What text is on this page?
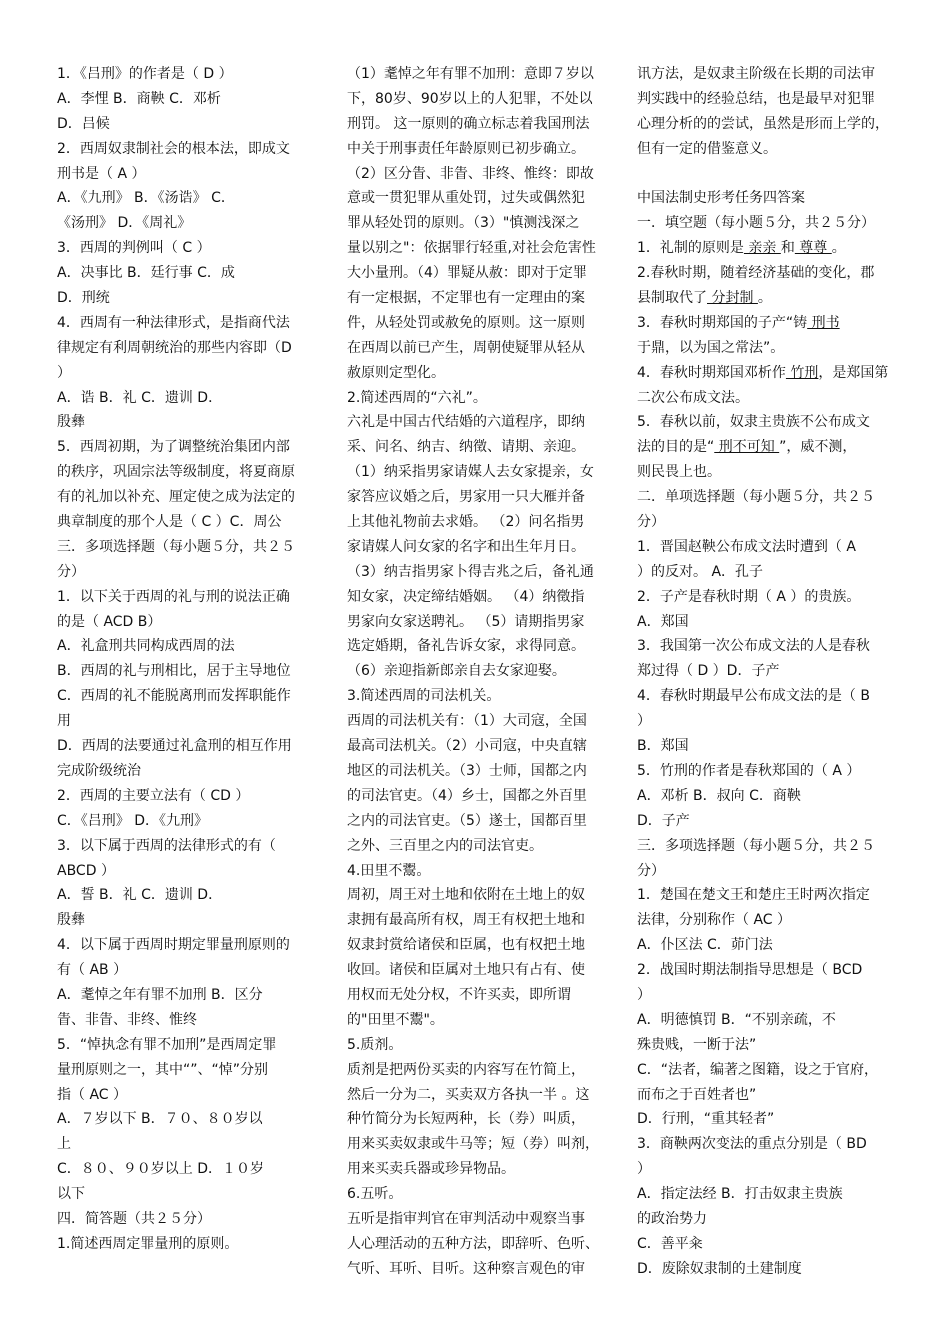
1．《吕刑》的作者是（ D ）
A．李悝 B．商鞅 C．邓析
D．吕候
2．西周奴隶制社会的根本法，即成文
刑书是（ A ）
A．《九刑》 B．《汤诰》 C．
《汤刑》 D．《周礼》
3．西周的判例叫（ C ）
A．决事比 B．廷行事 C．成
D．刑统
4．西周有一种法律形式，是指商代法
律规定有利周朝统治的那些内容即（D
）
A．诰 B．礼 C．遗训 D．
殷彝
5．西周初期，为了调整统治集团内部
的秩序，巩固宗法等级制度，将夏商原
有的礼加以补充、厘定使之成为法定的
典章制度的那个人是（ C ）C．周公
三．多项选择题（每小题５分，共２５
分）
1．以下关于西周的礼与刑的说法正确
的是（ ACD B）
A．礼盒刑共同构成西周的法
B．西周的礼与刑相比，居于主导地位
C．西周的礼不能脱离刑而发挥职能作
用
D．西周的法要通过礼盒刑的相互作用
完成阶级统治
2．西周的主要立法有（ CD ）
C．《吕刑》 D．《九刑》
3．以下属于西周的法律形式的有（
ABCD ）
A．誓 B．礼 C．遗训 D．
殷彝
4．以下属于西周时期定罪量刑原则的
有（ AB ）
A．耄悼之年有罪不加刑 B．区分
眚、非眚、非终、惟终
5．“悼执念有罪不加刑”是西周定罪
量刑原则之一，其中“”、“悼”分别
指（ AC ）
A．７岁以下 B．７０、８０岁以
上
C．８０、９０岁以上 D．１０岁
以下
四．简答题（共２５分）
1.简述西周定罪量刑的原则。
（1）耄悼之年有罪不加刑：意即７岁以
下，80岁、90岁以上的人犯罪，不处以
刑罚。 这一原则的确立标志着我国刑法
中关于刑事责任年龄原则已初步确立。
（2）区分眚、非眚、非终、惟终：即故
意或一贯犯罪从重处罚，过失或偶然犯
罪从轻处罚的原则。（3）"慎测浅深之
量以别之"：依据罪行轻重,对社会危害性
大小量刑。（4）罪疑从赦：即对于定罪
有一定根据，不定罪也有一定理由的案
件，从轻处罚或赦免的原则。这一原则
在西周以前已产生，周朝使疑罪从轻从
赦原则定型化。
2.简述西周的“六礼”。
六礼是中国古代结婚的六道程序，即纳
采、问名、纳吉、纳徵、请期、亲迎。
（1）纳采指男家请媒人去女家提亲，女
家答应议婚之后，男家用一只大雁并备
上其他礼物前去求婚。 （2）问名指男
家请媒人问女家的名字和出生年月日。
（3）纳吉指男家卜得吉兆之后，备礼通
知女家，决定缔结婚姻。 （4）纳徵指
男家向女家送聘礼。 （5）请期指男家
选定婚期，备礼告诉女家，求得同意。
（6）亲迎指新郎亲自去女家迎娶。
3.简述西周的司法机关。
西周的司法机关有：（1）大司寇，全国
最高司法机关。（2）小司寇，中央直辖
地区的司法机关。（3）士师，国都之内
的司法官吏。（4）乡士，国都之外百里
之内的司法官吏。（5）遂士，国都百里
之外、三百里之内的司法官吏。
4.田里不鬻。
周初，周王对土地和依附在土地上的奴
隶拥有最高所有权，周王有权把土地和
奴隶封赏给诸侯和臣属，也有权把土地
收回。诸侯和臣属对土地只有占有、使
用权而无处分权，不许买卖，即所谓
的"田里不鬻"。
5.质剂。
质剂是把两份买卖的内容写在竹简上，
然后一分为二，买卖双方各执一半 。这
种竹简分为长短两种，长（券）叫质，
用来买卖奴隶或牛马等；短（券）叫剂，
用来买卖兵器或珍异物品。
6.五听。
五听是指审判官在审判活动中观察当事
人心理活动的五种方法，即辞听、色听、
气听、耳听、目听。这种察言观色的审
讯方法，是奴隶主阶级在长期的司法审
判实践中的经验总结，也是最早对犯罪
心理分析的的尝试，虽然是形而上学的，
但有一定的借鉴意义。
中国法制史形考任务四答案
一．填空题（每小题５分，共２５分）
1．礼制的原则是 亲亲 和 尊尊 。
2.春秋时期，随着经济基础的变化，郡
县制取代了 分封制 。
3．春秋时期郑国的子产“铸 刑书
于鼎，以为国之常法”。
4．春秋时期郑国邓析作 竹刑，是郑国第
二次公布成文法。
5．春秋以前，奴隶主贵族不公布成文
法的目的是“ 刑不可知 ”，威不测，
则民畏上也。
二．单项选择题（每小题５分，共２５
分）
1．晋国赵鞅公布成文法时遭到（ A
）的反对。 A．孔子
2．子产是春秋时期（ A ）的贵族。
A．郑国
3．我国第一次公布成文法的人是春秋
郑过得（ D ）D．子产
4．春秋时期最早公布成文法的是（ B
）
B．郑国
5．竹刑的作者是春秋郑国的（ A ）
A．邓析 B．叔向 C．商鞅
D．子产
三．多项选择题（每小题５分，共２５
分）
1．楚国在楚文王和楚庄王时两次指定
法律，分别称作（ AC ）
A．仆区法 C．茆门法
2．战国时期法制指导思想是（ BCD
）
A．明德慎罚 B．“不别亲疏，不
殊贵贱，一断于法”
C．“法者，编著之图籍，设之于官府，
而布之于百姓者也”
D．行刑，“重其轻者”
3．商鞅两次变法的重点分别是（ BD
）
A．指定法经 B．打击奴隶主贵族
的政治势力
C．善平籴
D．废除奴隶制的土建制度
